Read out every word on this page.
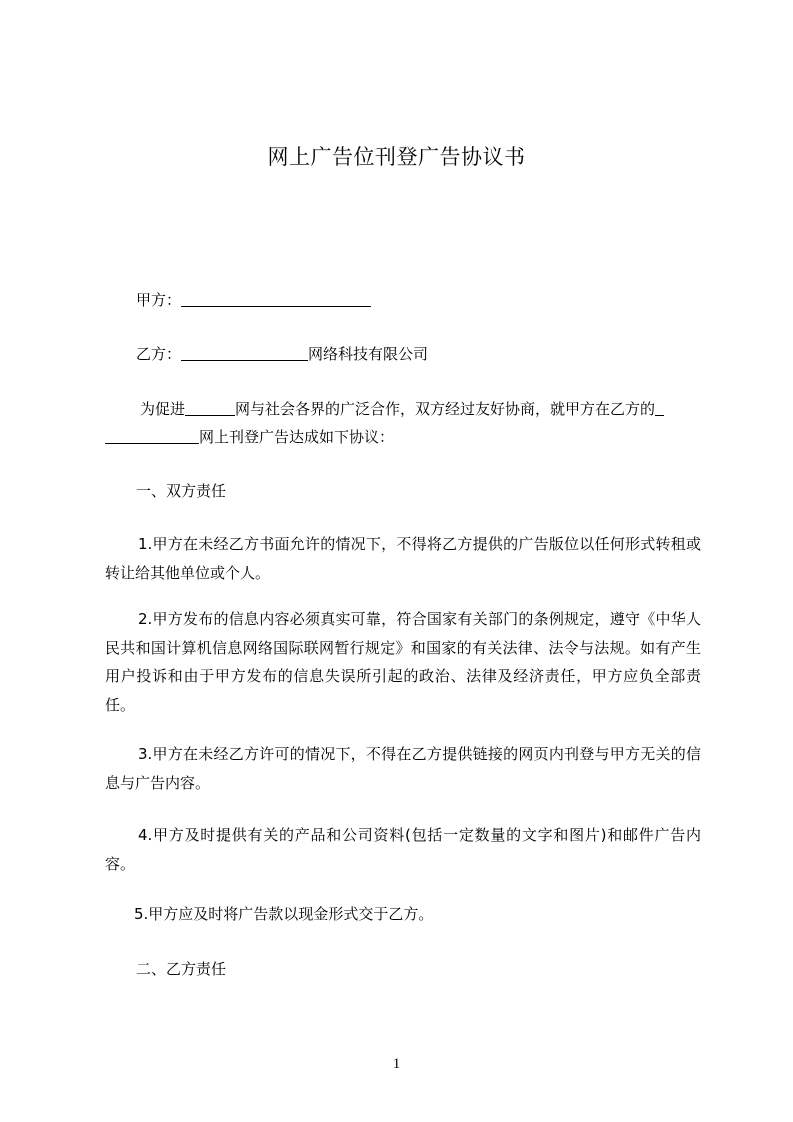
网上广告位刊登广告协议书
甲方：
乙方：	网络科技有限公司
为促进	网与社会各界的广泛合作，双方经过友好协商，就甲方在乙方的
网上刊登广告达成如下协议：
一、双方责任
1.甲方在未经乙方书面允许的情况下，不得将乙方提供的广告版位以任何形式转租或转让给其他单位或个人。
2.甲方发布的信息内容必须真实可靠，符合国家有关部门的条例规定，遵守《中华人民共和国计算机信息网络国际联网暂行规定》和国家的有关法律、法令与法规。如有产生用户投诉和由于甲方发布的信息失误所引起的政治、法律及经济责任，甲方应负全部责任。
3.甲方在未经乙方许可的情况下，不得在乙方提供链接的网页内刊登与甲方无关的信息与广告内容。
4.甲方及时提供有关的产品和公司资料(包括一定数量的文字和图片)和邮件广告内容。
5.甲方应及时将广告款以现金形式交于乙方。
二、乙方责任
1
